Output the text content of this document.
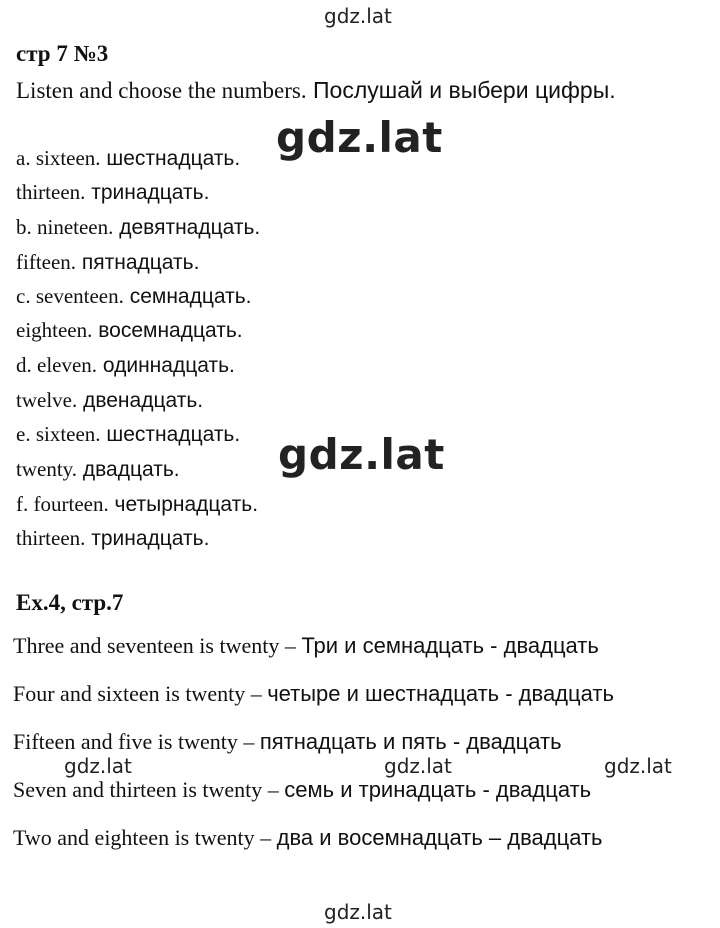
gdz.lat
стр 7 №3
Listen and choose the numbers. Послушай и выбери цифры.
a. sixteen. шестнадцать.
thirteen. тринадцать.
b. nineteen. девятнадцать.
fifteen. пятнадцать.
c. seventeen. семнадцать.
eighteen. восемнадцать.
d. eleven. одиннадцать.
twelve. двенадцать.
e. sixteen. шестнадцать.
twenty. двадцать.
f. fourteen. четырнадцать.
thirteen. тринадцать.
gdz.lat
gdz.lat
Ex.4, стр.7
Three and seventeen is twenty – Три и семнадцать - двадцать
Four and sixteen is twenty – четыре и шестнадцать - двадцать
Fifteen and five is twenty – пятнадцать и пять - двадцать
Seven and thirteen is twenty – семь и тринадцать - двадцать
Two and eighteen is twenty – два и восемнадцать – двадцать
gdz.lat	gdz.lat	gdz.lat
gdz.lat
